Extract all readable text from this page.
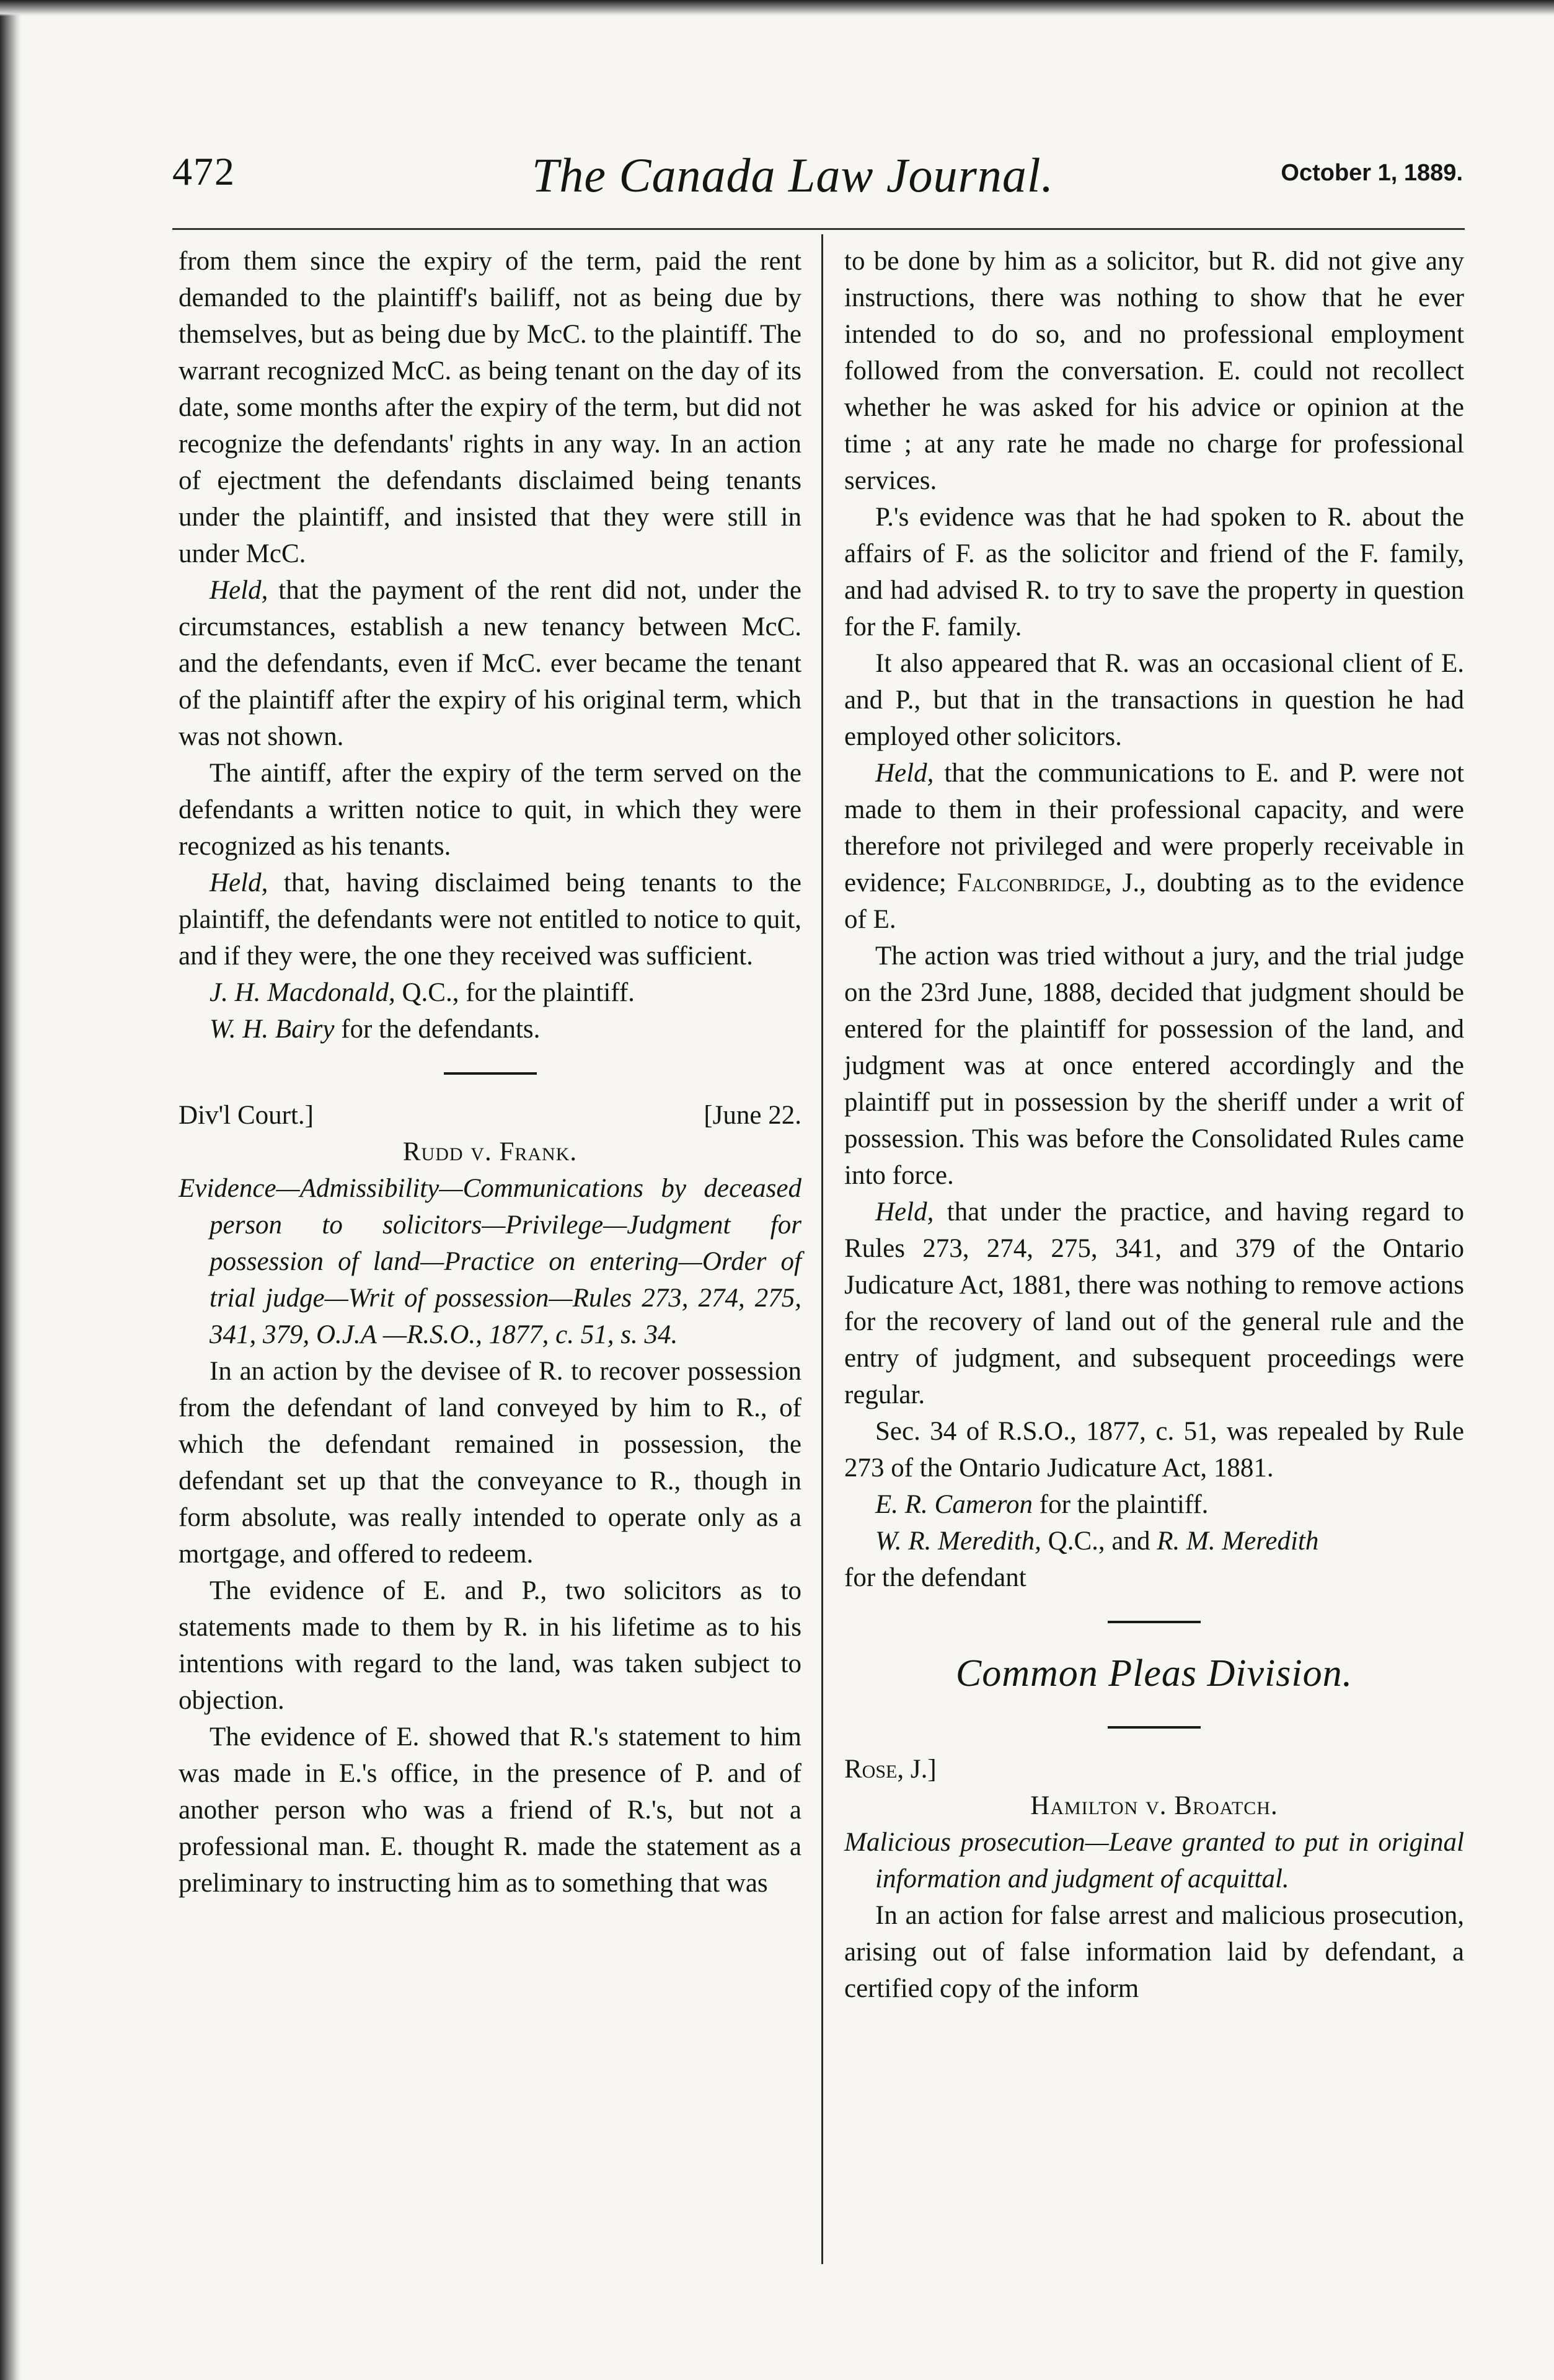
472	The Canada Law Journal.	October 1, 1889.

from them since the expiry of the term, paid the rent demanded to the plaintiff's bailiff, not as being due by themselves, but as being due by McC. to the plaintiff. The warrant recognized McC. as being tenant on the day of its date, some months after the expiry of the term, but did not recognize the defendants' rights in any way. In an action of ejectment the defendants disclaimed being tenants under the plaintiff, and insisted that they were still in under McC.

Held, that the payment of the rent did not, under the circumstances, establish a new tenancy between McC. and the defendants, even if McC. ever became the tenant of the plaintiff after the expiry of his original term, which was not shown.

The aintiff, after the expiry of the term served on the defendants a written notice to quit, in which they were recognized as his tenants.

Held, that, having disclaimed being tenants to the plaintiff, the defendants were not entitled to notice to quit, and if they were, the one they received was sufficient.

J. H. Macdonald, Q.C., for the plaintiff.

W. H. Bairy for the defendants.

Div'l Court.]	[June 22.

Rudd v. Frank.

Evidence—Admissibility—Communications by deceased person to solicitors—Privilege—Judgment for possession of land—Practice on entering—Order of trial judge—Writ of possession—Rules 273, 274, 275, 341, 379, O.J.A —R.S.O., 1877, c. 51, s. 34.

In an action by the devisee of R. to recover possession from the defendant of land conveyed by him to R., of which the defendant remained in possession, the defendant set up that the conveyance to R., though in form absolute, was really intended to operate only as a mortgage, and offered to redeem.

The evidence of E. and P., two solicitors as to statements made to them by R. in his lifetime as to his intentions with regard to the land, was taken subject to objection.

The evidence of E. showed that R.'s statement to him was made in E.'s office, in the presence of P. and of another person who was a friend of R.'s, but not a professional man. E. thought R. made the statement as a preliminary to instructing him as to something that was

to be done by him as a solicitor, but R. did not give any instructions, there was nothing to show that he ever intended to do so, and no professional employment followed from the conversation. E. could not recollect whether he was asked for his advice or opinion at the time ; at any rate he made no charge for professional services.

P.'s evidence was that he had spoken to R. about the affairs of F. as the solicitor and friend of the F. family, and had advised R. to try to save the property in question for the F. family.

It also appeared that R. was an occasional client of E. and P., but that in the transactions in question he had employed other solicitors.

Held, that the communications to E. and P. were not made to them in their professional capacity, and were therefore not privileged and were properly receivable in evidence; Falconbridge, J., doubting as to the evidence of E.

The action was tried without a jury, and the trial judge on the 23rd June, 1888, decided that judgment should be entered for the plaintiff for possession of the land, and judgment was at once entered accordingly and the plaintiff put in possession by the sheriff under a writ of possession. This was before the Consolidated Rules came into force.

Held, that under the practice, and having regard to Rules 273, 274, 275, 341, and 379 of the Ontario Judicature Act, 1881, there was nothing to remove actions for the recovery of land out of the general rule and the entry of judgment, and subsequent proceedings were regular.

Sec. 34 of R.S.O., 1877, c. 51, was repealed by Rule 273 of the Ontario Judicature Act, 1881.

E. R. Cameron for the plaintiff.

W. R. Meredith, Q.C., and R. M. Meredith

for the defendant

Common Pleas Division.

Rose, J.]

Hamilton v. Broatch.

Malicious prosecution—Leave granted to put in original information and judgment of acquittal.

In an action for false arrest and malicious prosecution, arising out of false information laid by defendant, a certified copy of the inform
